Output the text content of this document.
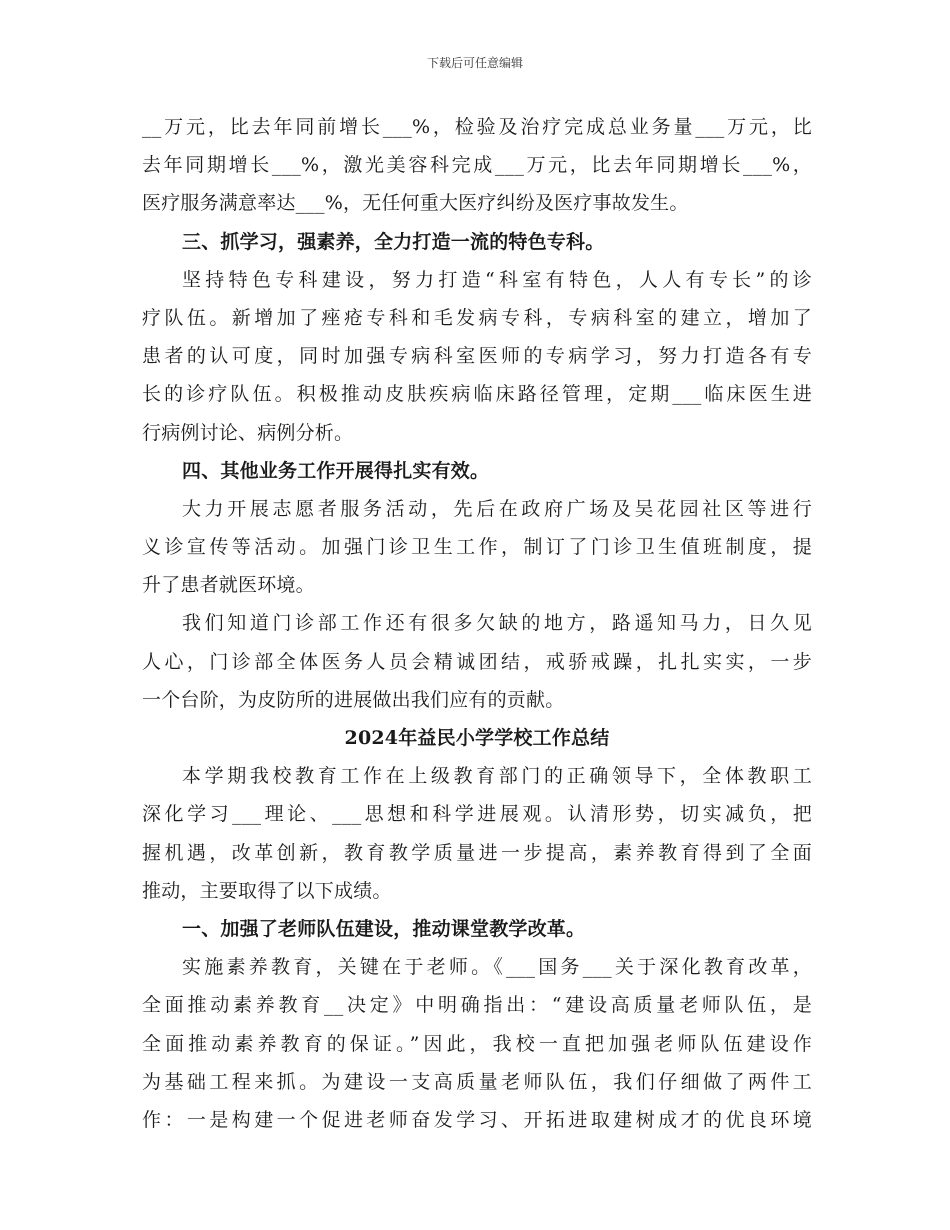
下载后可任意编辑
__万元，比去年同前增长___%，检验及治疗完成总业务量___万元，比
去年同期增长___%，激光美容科完成___万元，比去年同期增长___%，
医疗服务满意率达___%，无任何重大医疗纠纷及医疗事故发生。
三、抓学习，强素养，全力打造一流的特色专科。
坚持特色专科建设，努力打造“科室有特色，人人有专长”的诊
疗队伍。新增加了痤疮专科和毛发病专科，专病科室的建立，增加了
患者的认可度，同时加强专病科室医师的专病学习，努力打造各有专
长的诊疗队伍。积极推动皮肤疾病临床路径管理，定期___临床医生进
行病例讨论、病例分析。
四、其他业务工作开展得扎实有效。
大力开展志愿者服务活动，先后在政府广场及吴花园社区等进行
义诊宣传等活动。加强门诊卫生工作，制订了门诊卫生值班制度，提
升了患者就医环境。
我们知道门诊部工作还有很多欠缺的地方，路遥知马力，日久见
人心，门诊部全体医务人员会精诚团结，戒骄戒躁，扎扎实实，一步
一个台阶，为皮防所的进展做出我们应有的贡献。
2024年益民小学学校工作总结
本学期我校教育工作在上级教育部门的正确领导下，全体教职工
深化学习___理论、___思想和科学进展观。认清形势，切实减负，把
握机遇，改革创新，教育教学质量进一步提高，素养教育得到了全面
推动，主要取得了以下成绩。
一、加强了老师队伍建设，推动课堂教学改革。
实施素养教育，关键在于老师。《___国务___关于深化教育改革，
全面推动素养教育__决定》中明确指出：“建设高质量老师队伍，是
全面推动素养教育的保证。”因此，我校一直把加强老师队伍建设作
为基础工程来抓。为建设一支高质量老师队伍，我们仔细做了两件工
作：一是构建一个促进老师奋发学习、开拓进取建树成才的优良环境
